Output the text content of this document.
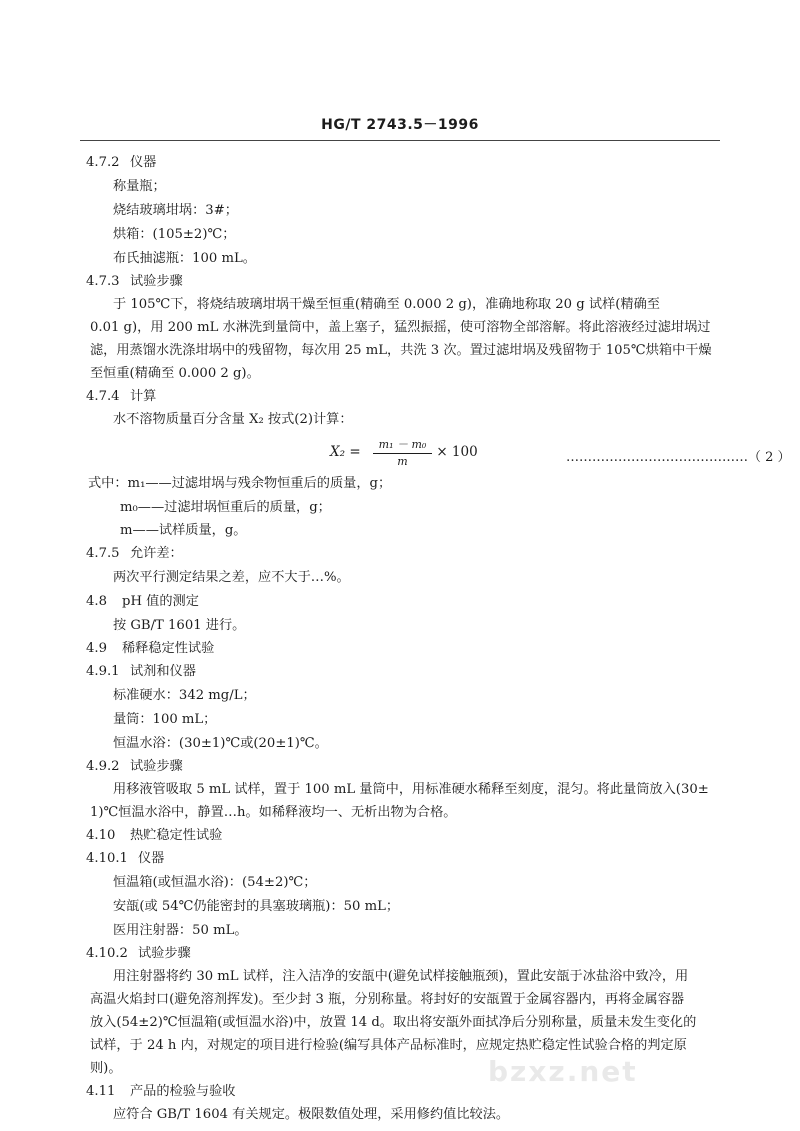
HG/T 2743.5－1996
4.7.2 仪器
称量瓶；
烧结玻璃坩埚：3#；
烘箱：(105±2)℃；
布氏抽滤瓶：100 mL。
4.7.3 试验步骤
于 105℃下，将烧结玻璃坩埚干燥至恒重(精确至 0.000 2 g)，准确地称取 20 g 试样(精确至
0.01 g)，用 200 mL 水淋洗到量筒中，盖上塞子，猛烈振摇，使可溶物全部溶解。将此溶液经过滤坩埚过
滤，用蒸馏水洗涤坩埚中的残留物，每次用 25 mL，共洗 3 次。置过滤坩埚及残留物于 105℃烘箱中干燥
至恒重(精确至 0.000 2 g)。
4.7.4 计算
水不溶物质量百分含量 X₂ 按式(2)计算：
$X_2 = \frac{\text{m₁ － m₀}}{m} \times 100$	……………………………………（ 2 ）
式中：m₁——过滤坩埚与残余物恒重后的质量，g；
m₀——过滤坩埚恒重后的质量，g；
m——试样质量，g。
4.7.5 允许差：
两次平行测定结果之差，应不大于…%。
4.8 pH 值的测定
按 GB/T 1601 进行。
4.9 稀释稳定性试验
4.9.1 试剂和仪器
标准硬水：342 mg/L；
量筒：100 mL；
恒温水浴：(30±1)℃或(20±1)℃。
4.9.2 试验步骤
用移液管吸取 5 mL 试样，置于 100 mL 量筒中，用标准硬水稀释至刻度，混匀。将此量筒放入(30±
1)℃恒温水浴中，静置…h。如稀释液均一、无析出物为合格。
4.10 热贮稳定性试验
4.10.1 仪器
恒温箱(或恒温水浴)：(54±2)℃；
安瓿(或 54℃仍能密封的具塞玻璃瓶)：50 mL；
医用注射器：50 mL。
4.10.2 试验步骤
用注射器将约 30 mL 试样，注入洁净的安瓿中(避免试样接触瓶颈)，置此安瓿于冰盐浴中致冷，用
高温火焰封口(避免溶剂挥发)。至少封 3 瓶，分别称量。将封好的安瓿置于金属容器内，再将金属容器
放入(54±2)℃恒温箱(或恒温水浴)中，放置 14 d。取出将安瓿外面拭净后分别称量，质量未发生变化的
试样，于 24 h 内，对规定的项目进行检验(编写具体产品标准时，应规定热贮稳定性试验合格的判定原
则)。
4.11 产品的检验与验收
应符合 GB/T 1604 有关规定。极限数值处理，采用修约值比较法。
bzxz.net
